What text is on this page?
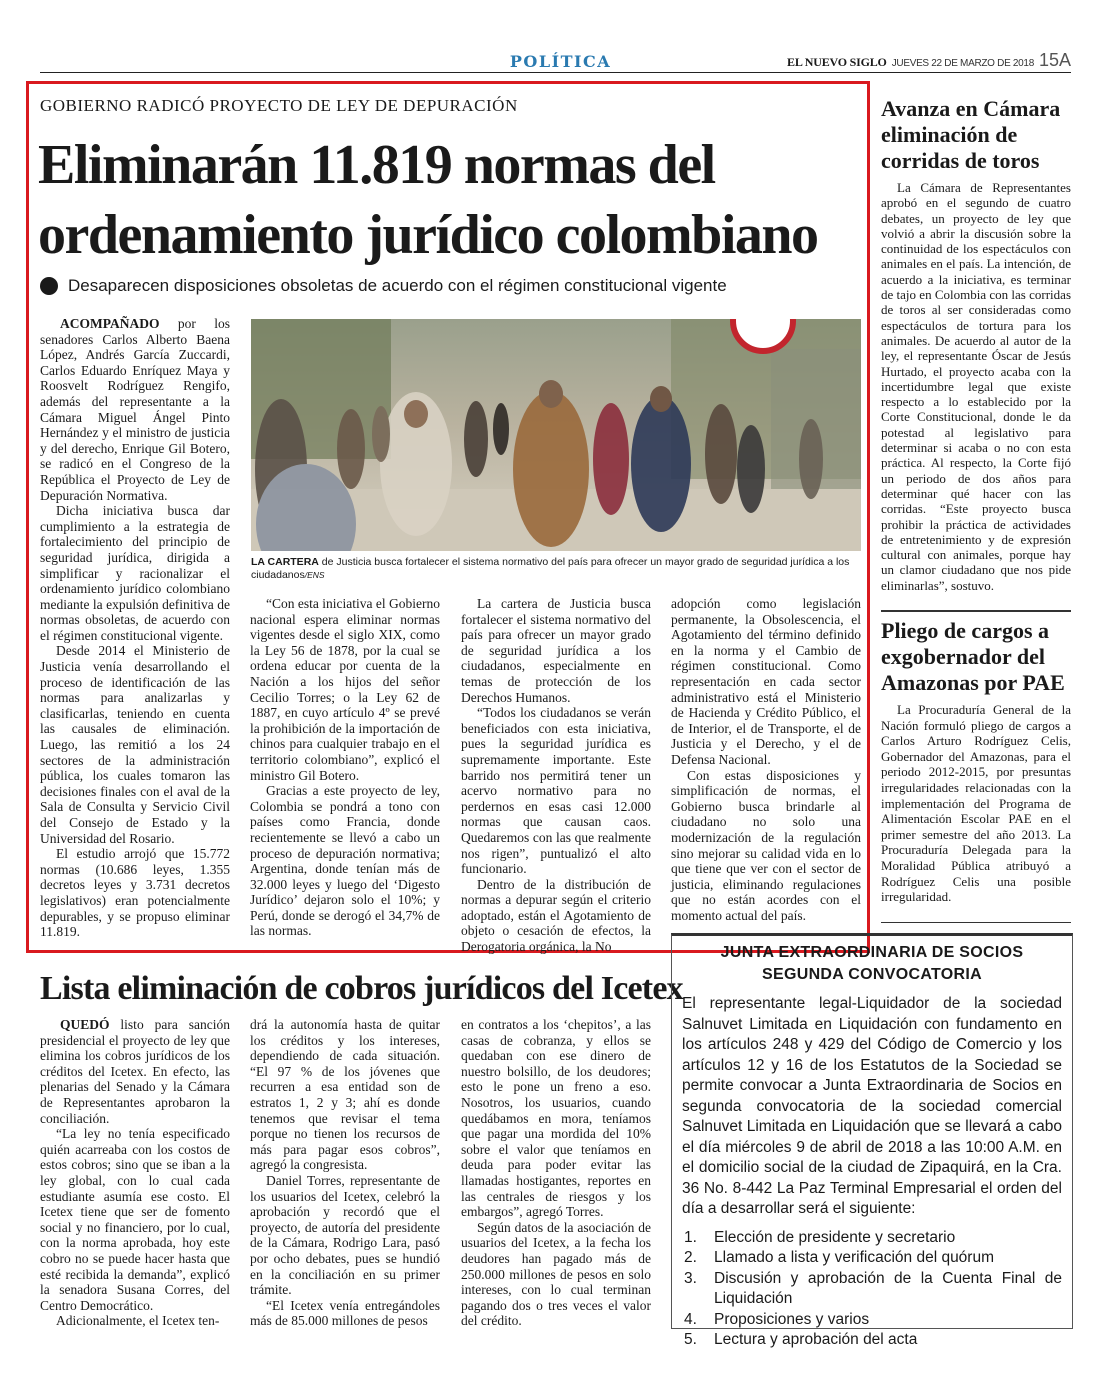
POLÍTICA	EL NUEVO SIGLO JUEVES 22 DE MARZO DE 2018 15A
GOBIERNO RADICÓ PROYECTO DE LEY DE DEPURACIÓN
Eliminarán 11.819 normas del
ordenamiento jurídico colombiano
Desaparecen disposiciones obsoletas de acuerdo con el régimen constitucional vigente

ACOMPAÑADO por los senadores Carlos Alberto Baena López, Andrés García Zuccardi, Carlos Eduardo Enríquez Maya y Roosvelt Rodríguez Rengifo, además del representante a la Cámara Miguel Ángel Pinto Hernández y el ministro de justicia y del derecho, Enrique Gil Botero, se radicó en el Congreso de la República el Proyecto de Ley de Depuración Normativa.

Dicha iniciativa busca dar cumplimiento a la estrategia de fortalecimiento del principio de seguridad jurídica, dirigida a simplificar y racionalizar el ordenamiento jurídico colombiano mediante la expulsión definitiva de normas obsoletas, de acuerdo con el régimen constitucional vigente.

Desde 2014 el Ministerio de Justicia venía desarrollando el proceso de identificación de las normas para analizarlas y clasificarlas, teniendo en cuenta las causales de eliminación. Luego, las remitió a los 24 sectores de la administración pública, los cuales tomaron las decisiones finales con el aval de la Sala de Consulta y Servicio Civil del Consejo de Estado y la Universidad del Rosario.

El estudio arrojó que 15.772 normas (10.686 leyes, 1.355 decretos leyes y 3.731 decretos legislativos) eran potencialmente depurables, y se propuso eliminar 11.819.

LA CARTERA de Justicia busca fortalecer el sistema normativo del país para ofrecer un mayor grado de seguridad jurídica a los ciudadanos/ENS

“Con esta iniciativa el Gobierno nacional espera eliminar normas vigentes desde el siglo XIX, como la Ley 56 de 1878, por la cual se ordena educar por cuenta de la Nación a los hijos del señor Cecilio Torres; o la Ley 62 de 1887, en cuyo artículo 4º se prevé la prohibición de la importación de chinos para cualquier trabajo en el territorio colombiano”, explicó el ministro Gil Botero.

Gracias a este proyecto de ley, Colombia se pondrá a tono con países como Francia, donde recientemente se llevó a cabo un proceso de depuración normativa; Argentina, donde tenían más de 32.000 leyes y luego del ‘Digesto Jurídico’ dejaron solo el 10%; y Perú, donde se derogó el 34,7% de las normas.

La cartera de Justicia busca fortalecer el sistema normativo del país para ofrecer un mayor grado de seguridad jurídica a los ciudadanos, especialmente en temas de protección de los Derechos Humanos.

“Todos los ciudadanos se verán beneficiados con esta iniciativa, pues la seguridad jurídica es supremamente importante. Este barrido nos permitirá tener un acervo normativo para no perdernos en esas casi 12.000 normas que causan caos. Quedaremos con las que realmente nos rigen”, puntualizó el alto funcionario.

Dentro de la distribución de normas a depurar según el criterio adoptado, están el Agotamiento de objeto o cesación de efectos, la Derogatoria orgánica, la No

adopción como legislación permanente, la Obsolescencia, el Agotamiento del término definido en la norma y el Cambio de régimen constitucional. Como representación en cada sector administrativo está el Ministerio de Hacienda y Crédito Público, el de Interior, el de Transporte, el de Justicia y el Derecho, y el de Defensa Nacional.

Con estas disposiciones y simplificación de normas, el Gobierno busca brindarle al ciudadano no solo una modernización de la regulación sino mejorar su calidad vida en lo que tiene que ver con el sector de justicia, eliminando regulaciones que no están acordes con el momento actual del país.

Avanza en Cámara eliminación de corridas de toros

La Cámara de Representantes aprobó en el segundo de cuatro debates, un proyecto de ley que volvió a abrir la discusión sobre la continuidad de los espectáculos con animales en el país. La intención, de acuerdo a la iniciativa, es terminar de tajo en Colombia con las corridas de toros al ser consideradas como espectáculos de tortura para los animales. De acuerdo al autor de la ley, el representante Óscar de Jesús Hurtado, el proyecto acaba con la incertidumbre legal que existe respecto a lo establecido por la Corte Constitucional, donde le da potestad al legislativo para determinar si acaba o no con esta práctica. Al respecto, la Corte fijó un periodo de dos años para determinar qué hacer con las corridas. “Este proyecto busca prohibir la práctica de actividades de entretenimiento y de expresión cultural con animales, porque hay un clamor ciudadano que nos pide eliminarlas”, sostuvo.

Pliego de cargos a exgobernador del Amazonas por PAE

La Procuraduría General de la Nación formuló pliego de cargos a Carlos Arturo Rodríguez Celis, Gobernador del Amazonas, para el periodo 2012-2015, por presuntas irregularidades relacionadas con la implementación del Programa de Alimentación Escolar PAE en el primer semestre del año 2013. La Procuraduría Delegada para la Moralidad Pública atribuyó a Rodríguez Celis una posible irregularidad.

Lista eliminación de cobros jurídicos del Icetex

QUEDÓ listo para sanción presidencial el proyecto de ley que elimina los cobros jurídicos de los créditos del Icetex. En efecto, las plenarias del Senado y la Cámara de Representantes aprobaron la conciliación.

“La ley no tenía especificado quién acarreaba con los costos de estos cobros; sino que se iban a la ley global, con lo cual cada estudiante asumía ese costo. El Icetex tiene que ser de fomento social y no financiero, por lo cual, con la norma aprobada, hoy este cobro no se puede hacer hasta que esté recibida la demanda”, explicó la senadora Susana Corres, del Centro Democrático.

Adicionalmente, el Icetex ten-

drá la autonomía hasta de quitar los créditos y los intereses, dependiendo de cada situación. “El 97 % de los jóvenes que recurren a esa entidad son de estratos 1, 2 y 3; ahí es donde tenemos que revisar el tema porque no tienen los recursos de más para pagar esos cobros”, agregó la congresista.

Daniel Torres, representante de los usuarios del Icetex, celebró la aprobación y recordó que el proyecto, de autoría del presidente de la Cámara, Rodrigo Lara, pasó por ocho debates, pues se hundió en la conciliación en su primer trámite.

“El Icetex venía entregándoles más de 85.000 millones de pesos

en contratos a los ‘chepitos’, a las casas de cobranza, y ellos se quedaban con ese dinero de nuestro bolsillo, de los deudores; esto le pone un freno a eso. Nosotros, los usuarios, cuando quedábamos en mora, teníamos que pagar una mordida del 10% sobre el valor que teníamos en deuda para poder evitar las llamadas hostigantes, reportes en las centrales de riesgos y los embargos”, agregó Torres.

Según datos de la asociación de usuarios del Icetex, a la fecha los deudores han pagado más de 250.000 millones de pesos en solo intereses, con lo cual terminan pagando dos o tres veces el valor del crédito.

JUNTA EXTRAORDINARIA DE SOCIOS
SEGUNDA CONVOCATORIA
El representante legal-Liquidador de la sociedad Salnuvet Limitada en Liquidación con fundamento en los artículos 248 y 429 del Código de Comercio y los artículos 12 y 16 de los Estatutos de la Sociedad se permite convocar a Junta Extraordinaria de Socios en segunda convocatoria de la sociedad comercial Salnuvet Limitada en Liquidación que se llevará a cabo el día miércoles 9 de abril de 2018 a las 10:00 A.M. en el domicilio social de la ciudad de Zipaquirá, en la Cra. 36 No. 8-442 La Paz Terminal Empresarial el orden del día a desarrollar será el siguiente:
1.	Elección de presidente y secretario
2.	Llamado a lista y verificación del quórum
3.	Discusión y aprobación de la Cuenta Final de Liquidación
4.	Proposiciones y varios
5.	Lectura y aprobación del acta
